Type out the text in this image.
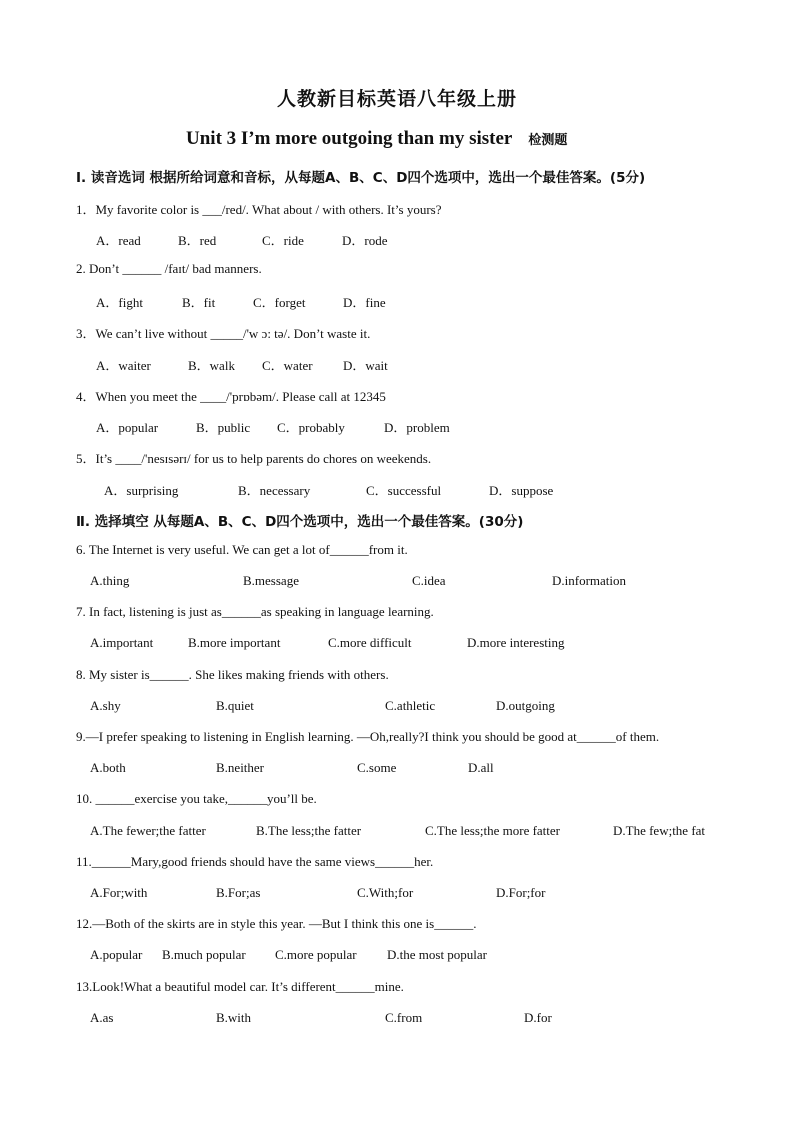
人教新目标英语八年级上册
Unit 3 I’m more outgoing than my sister 检测题
I. 读音选词 根据所给词意和音标，从每题A、B、C、D四个选项中，选出一个最佳答案。(5分)
1．My favorite color is ___/red/. What about / with others. It’s yours?
A．read	B．red	C．ride	D．rode
2. Don’t ______ /faɪt/ bad manners.
A．fight	B．fit	C．forget	D．fine
3．We can’t live without _____/'w ɔ: tə/. Don’t waste it.
A．waiter	B．walk C．water D．wait
4．When you meet the ____/'prɒbəm/. Please call at 12345
A．popular	B．public C．probably	D．problem
5．It’s ____/'nesɪsərɪ/ for us to help parents do chores on weekends.
A．surprising	B．necessary	C．successful	D．suppose
Ⅱ. 选择填空 从每题A、B、C、D四个选项中，选出一个最佳答案。(30分)
6. The Internet is very useful. We can get a lot of______from it.
A.thing	B.message	C.idea	D.information
7. In fact, listening is just as______as speaking in language learning.
A.important	B.more important	C.more difficult	D.more interesting
8. My sister is______. She likes making friends with others.
A.shy	B.quiet	C.athletic	D.outgoing
9.—I prefer speaking to listening in English learning. —Oh,really?I think you should be good at______of them.
A.both	B.neither	C.some	D.all
10. ______exercise you take,______you’ll be.
A.The fewer;the fatter	B.The less;the fatter	C.The less;the more fatter	D.The few;the fat
11.______Mary,good friends should have the same views______her.
A.For;with	B.For;as	C.With;for	D.For;for
12.—Both of the skirts are in style this year. —But I think this one is______.
A.popular B.much popular C.more popular D.the most popular
13.Look!What a beautiful model car. It’s different______mine.
A.as	B.with	C.from	D.for
